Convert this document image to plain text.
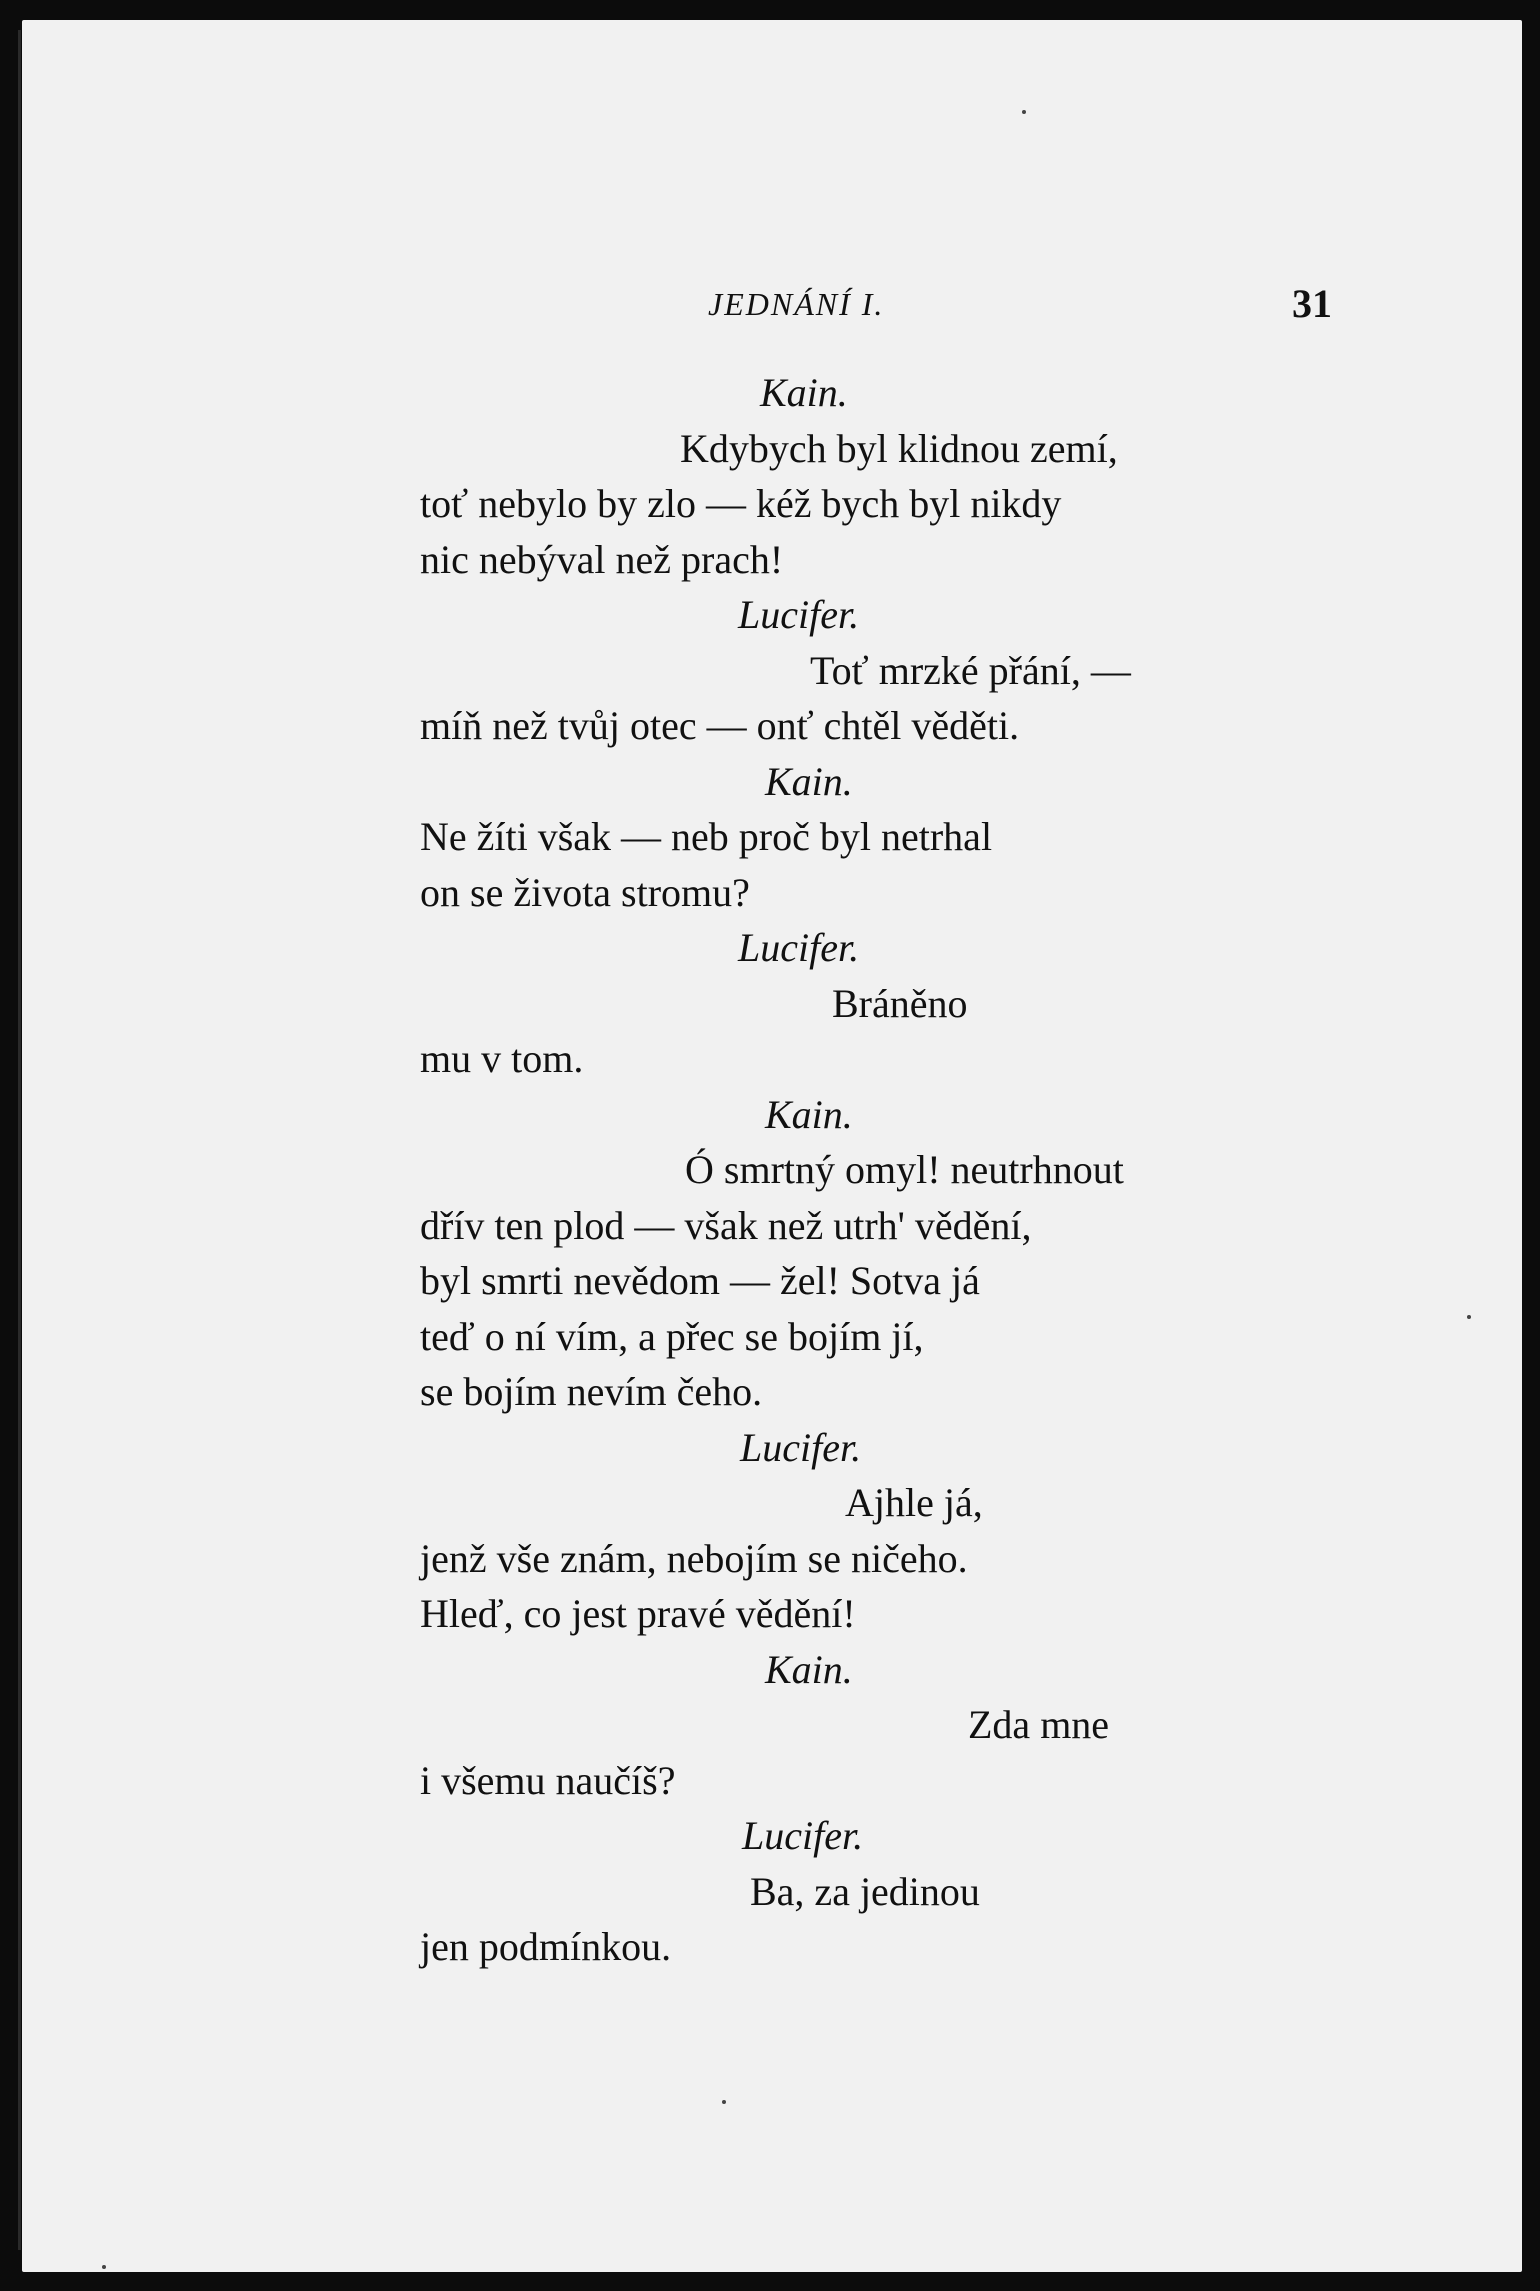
JEDNÁNÍ I.	31
Kain.
Kdybych byl klidnou zemí,
toť nebylo by zlo — kéž bych byl nikdy
nic nebýval než prach!
Lucifer.
Toť mrzké přání, —
míň než tvůj otec — onť chtěl věděti.
Kain.
Ne žíti však — neb proč byl netrhal
on se života stromu?
Lucifer.
Bráněno
mu v tom.
Kain.
Ó smrtný omyl! neutrhnout
dřív ten plod — však než utrh' vědění,
byl smrti nevědom — žel! Sotva já
teď o ní vím, a přec se bojím jí,
se bojím nevím čeho.
Lucifer.
Ajhle já,
jenž vše znám, nebojím se ničeho.
Hleď, co jest pravé vědění!
Kain.
Zda mne
i všemu naučíš?
Lucifer.
Ba, za jedinou
jen podmínkou.
